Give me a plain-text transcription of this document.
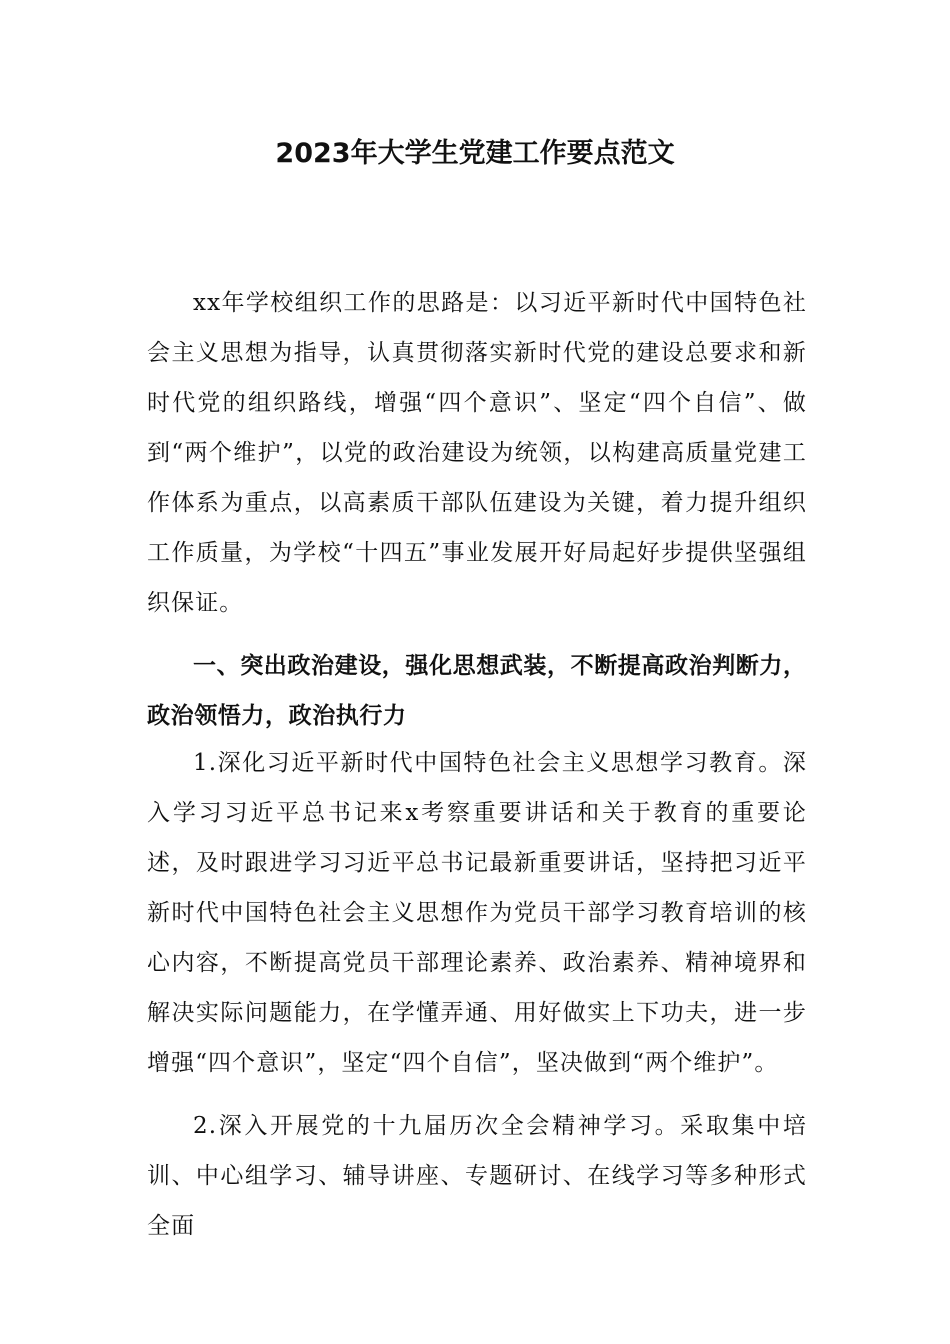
2023年大学生党建工作要点范文

xx年学校组织工作的思路是：以习近平新时代中国特色社会主义思想为指导，认真贯彻落实新时代党的建设总要求和新时代党的组织路线，增强“四个意识”、坚定“四个自信”、做到“两个维护”，以党的政治建设为统领，以构建高质量党建工作体系为重点，以高素质干部队伍建设为关键，着力提升组织工作质量，为学校“十四五”事业发展开好局起好步提供坚强组织保证。

一、突出政治建设，强化思想武装，不断提高政治判断力，政治领悟力，政治执行力

1.深化习近平新时代中国特色社会主义思想学习教育。深入学习习近平总书记来x考察重要讲话和关于教育的重要论述，及时跟进学习习近平总书记最新重要讲话，坚持把习近平新时代中国特色社会主义思想作为党员干部学习教育培训的核心内容，不断提高党员干部理论素养、政治素养、精神境界和解决实际问题能力，在学懂弄通、用好做实上下功夫，进一步增强“四个意识”，坚定“四个自信”，坚决做到“两个维护”。

2.深入开展党的十九届历次全会精神学习。采取集中培训、中心组学习、辅导讲座、专题研讨、在线学习等多种形式全面
